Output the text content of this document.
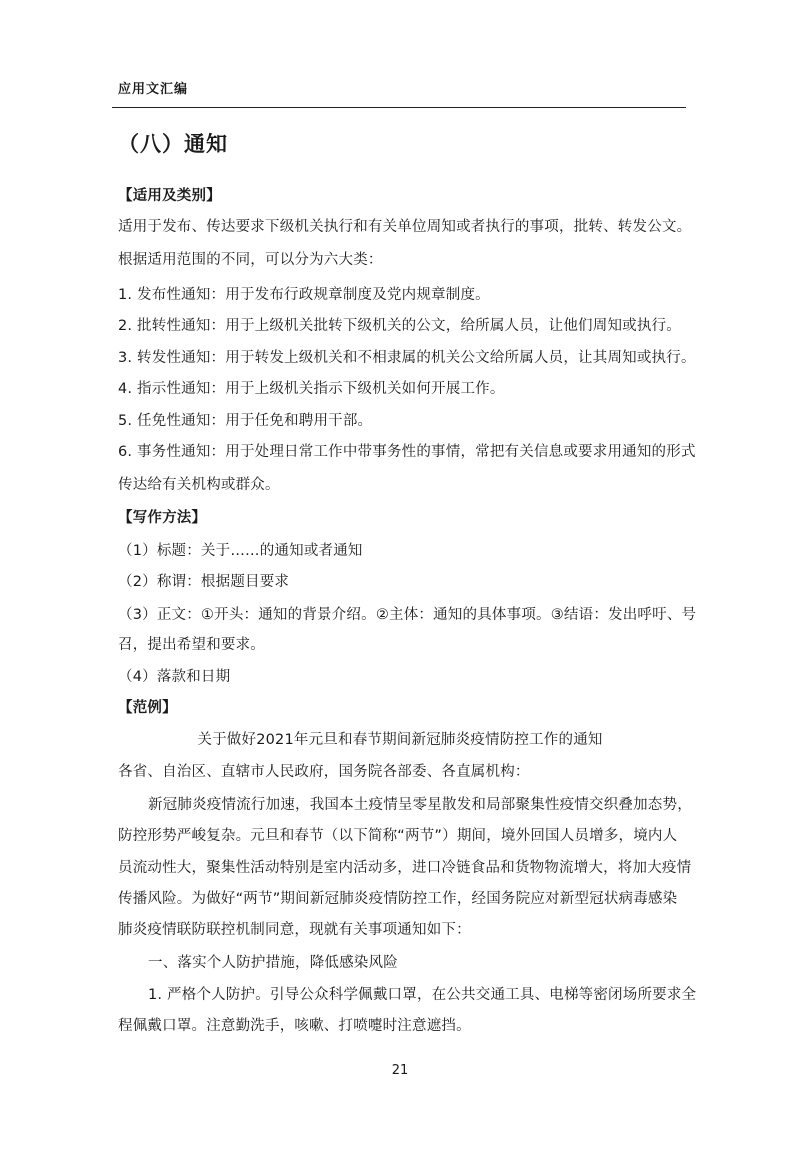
应用文汇编
（八）通知
【适用及类别】
适用于发布、传达要求下级机关执行和有关单位周知或者执行的事项，批转、转发公文。
根据适用范围的不同，可以分为六大类：
1. 发布性通知：用于发布行政规章制度及党内规章制度。
2. 批转性通知：用于上级机关批转下级机关的公文，给所属人员，让他们周知或执行。
3. 转发性通知：用于转发上级机关和不相隶属的机关公文给所属人员，让其周知或执行。
4. 指示性通知：用于上级机关指示下级机关如何开展工作。
5. 任免性通知：用于任免和聘用干部。
6. 事务性通知：用于处理日常工作中带事务性的事情，常把有关信息或要求用通知的形式
传达给有关机构或群众。
【写作方法】
（1）标题：关于……的通知或者通知
（2）称谓：根据题目要求
（3）正文：①开头：通知的背景介绍。②主体：通知的具体事项。③结语：发出呼吁、号
召，提出希望和要求。
（4）落款和日期
【范例】
关于做好2021年元旦和春节期间新冠肺炎疫情防控工作的通知
各省、自治区、直辖市人民政府，国务院各部委、各直属机构：
新冠肺炎疫情流行加速，我国本土疫情呈零星散发和局部聚集性疫情交织叠加态势，
防控形势严峻复杂。元旦和春节（以下简称“两节”）期间，境外回国人员增多，境内人
员流动性大，聚集性活动特别是室内活动多，进口冷链食品和货物物流增大，将加大疫情
传播风险。为做好“两节”期间新冠肺炎疫情防控工作，经国务院应对新型冠状病毒感染
肺炎疫情联防联控机制同意，现就有关事项通知如下：
一、落实个人防护措施，降低感染风险
1. 严格个人防护。引导公众科学佩戴口罩，在公共交通工具、电梯等密闭场所要求全
程佩戴口罩。注意勤洗手，咳嗽、打喷嚏时注意遮挡。
21
